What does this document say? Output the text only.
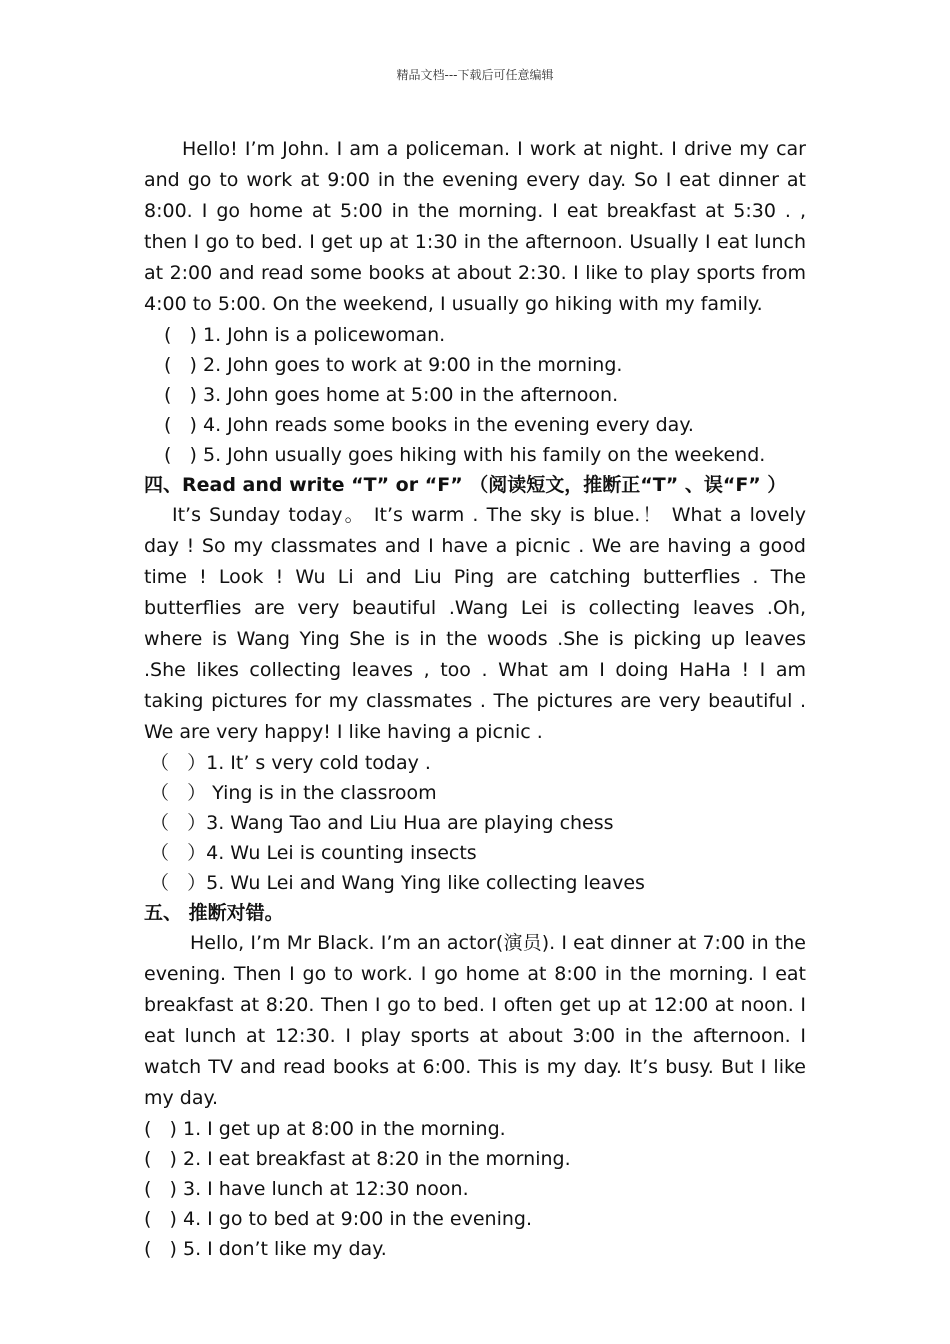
精品文档---下载后可任意编辑

Hello! I’m John. I am a policeman. I work at night. I drive my car and go to work at 9:00 in the evening every day. So I eat dinner at 8:00. I go home at 5:00 in the morning. I eat breakfast at 5:30 . , then I go to bed. I get up at 1:30 in the afternoon. Usually I eat lunch at 2:00 and read some books at about 2:30. I like to play sports from 4:00 to 5:00. On the weekend, I usually go hiking with my family.

(   ) 1. John is a policewoman.

(   ) 2. John goes to work at 9:00 in the morning.

(   ) 3. John goes home at 5:00 in the afternoon.

(   ) 4. John reads some books in the evening every day.

(   ) 5. John usually goes hiking with his family on the weekend.

四、Read and write “T” or “F” （阅读短文，推断正“T” 、误“F” ）

It’s Sunday today。 It’s warm . The sky is blue.！ What a lovely day ! So my classmates and I have a picnic . We are having a good time ! Look ! Wu Li and Liu Ping are catching butterflies . The butterflies are very beautiful .Wang Lei is collecting leaves .Oh, where is Wang Ying She is in the woods .She is picking up leaves .She likes collecting leaves , too . What am I doing HaHa ! I am taking pictures for my classmates . The pictures are very beautiful . We are very happy! I like having a picnic .

（   ）1. It’ s very cold today .

（   ） Ying is in the classroom

（   ）3. Wang Tao and Liu Hua are playing chess

（   ）4. Wu Lei is counting insects

（   ）5. Wu Lei and Wang Ying like collecting leaves

五、 推断对错。

Hello, I’m Mr Black. I’m an actor(演员). I eat dinner at 7:00 in the evening. Then I go to work. I go home at 8:00 in the morning. I eat breakfast at 8:20. Then I go to bed. I often get up at 12:00 at noon. I eat lunch at 12:30. I play sports at about 3:00 in the afternoon. I watch TV and read books at 6:00. This is my day. It’s busy. But I like my day.

(   ) 1. I get up at 8:00 in the morning.

(   ) 2. I eat breakfast at 8:20 in the morning.

(   ) 3. I have lunch at 12:30 noon.

(   ) 4. I go to bed at 9:00 in the evening.

(   ) 5. I don’t like my day.
